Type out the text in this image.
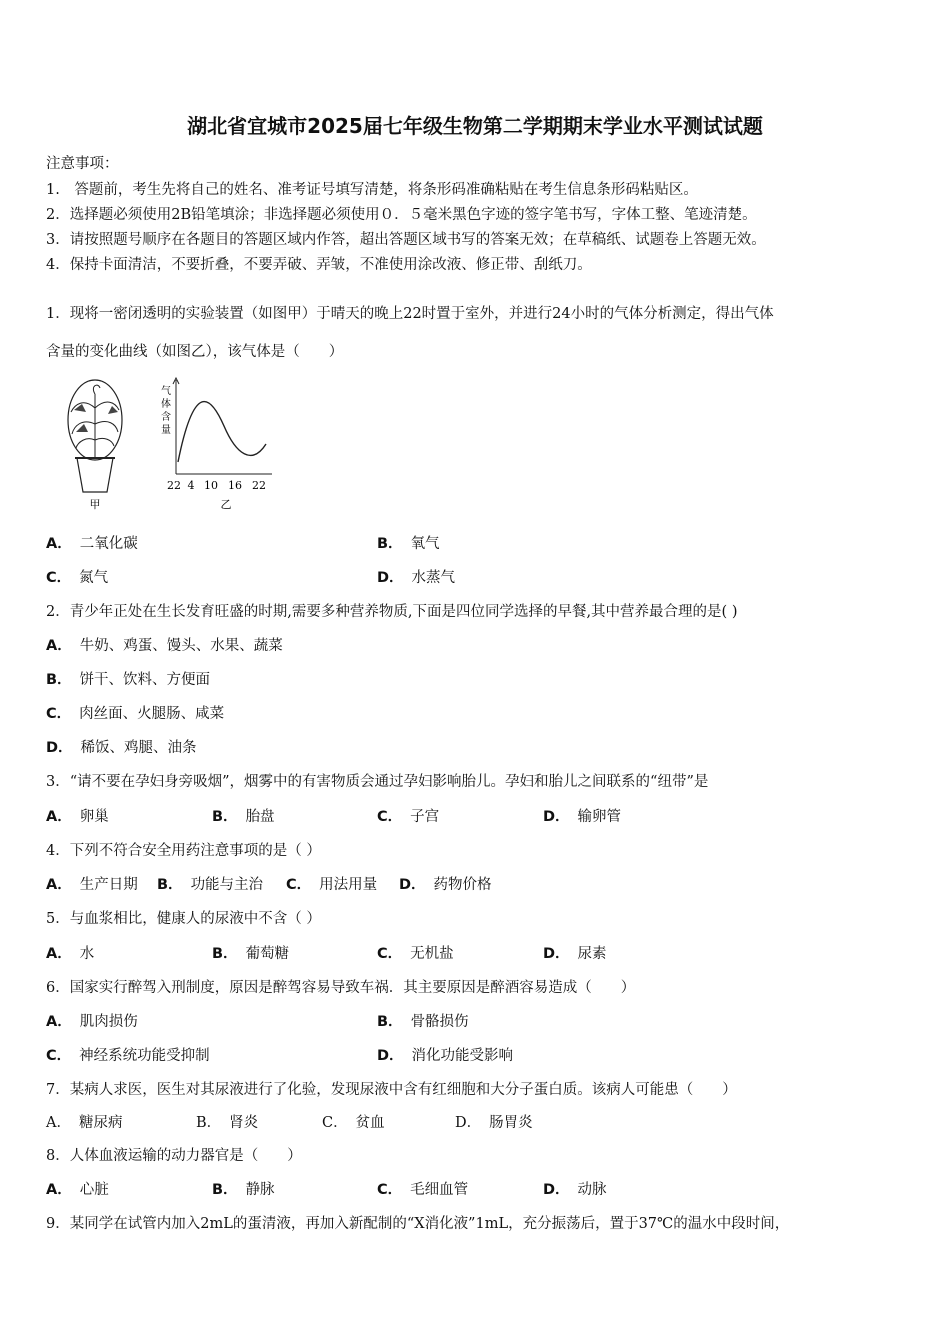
湖北省宜城市2025届七年级生物第二学期期末学业水平测试试题
注意事项：
1.　答题前，考生先将自己的姓名、准考证号填写清楚，将条形码准确粘贴在考生信息条形码粘贴区。
2．选择题必须使用2B铅笔填涂；非选择题必须使用０．５毫米黑色字迹的签字笔书写，字体工整、笔迹清楚。
3．请按照题号顺序在各题目的答题区域内作答，超出答题区域书写的答案无效；在草稿纸、试题卷上答题无效。
4．保持卡面清洁，不要折叠，不要弄破、弄皱，不准使用涂改液、修正带、刮纸刀。
1．现将一密闭透明的实验装置（如图甲）于晴天的晚上22时置于室外，并进行24小时的气体分析测定，得出气体
含量的变化曲线（如图乙），该气体是（　　）
甲
气
体
含
量
22 4 10 16 22
乙
A． 二氧化碳	B． 氧气
C． 氮气	D． 水蒸气
2．青少年正处在生长发育旺盛的时期,需要多种营养物质,下面是四位同学选择的早餐,其中营养最合理的是( )
A． 牛奶、鸡蛋、馒头、水果、蔬菜
B． 饼干、饮料、方便面
C． 肉丝面、火腿肠、咸菜
D． 稀饭、鸡腿、油条
3．“请不要在孕妇身旁吸烟”，烟雾中的有害物质会通过孕妇影响胎儿。孕妇和胎儿之间联系的“纽带”是
A． 卵巢	B． 胎盘	C． 子宫	D． 输卵管
4．下列不符合安全用药注意事项的是（ ）
A． 生产日期 B． 功能与主治 C． 用法用量 D． 药物价格
5．与血浆相比，健康人的尿液中不含（ ）
A． 水	B． 葡萄糖	C． 无机盐	D． 尿素
6．国家实行醉驾入刑制度，原因是醉驾容易导致车祸．其主要原因是醉酒容易造成（　　）
A． 肌肉损伤	B． 骨骼损伤
C． 神经系统功能受抑制	D． 消化功能受影响
7．某病人求医，医生对其尿液进行了化验，发现尿液中含有红细胞和大分子蛋白质。该病人可能患（　　）
A． 糖尿病	B． 肾炎	C． 贫血	D． 肠胃炎
8．人体血液运输的动力器官是（　　）
A． 心脏	B． 静脉	C． 毛细血管	D． 动脉
9．某同学在试管内加入2mL的蛋清液，再加入新配制的“X消化液”1mL，充分振荡后，置于37℃的温水中段时间，
